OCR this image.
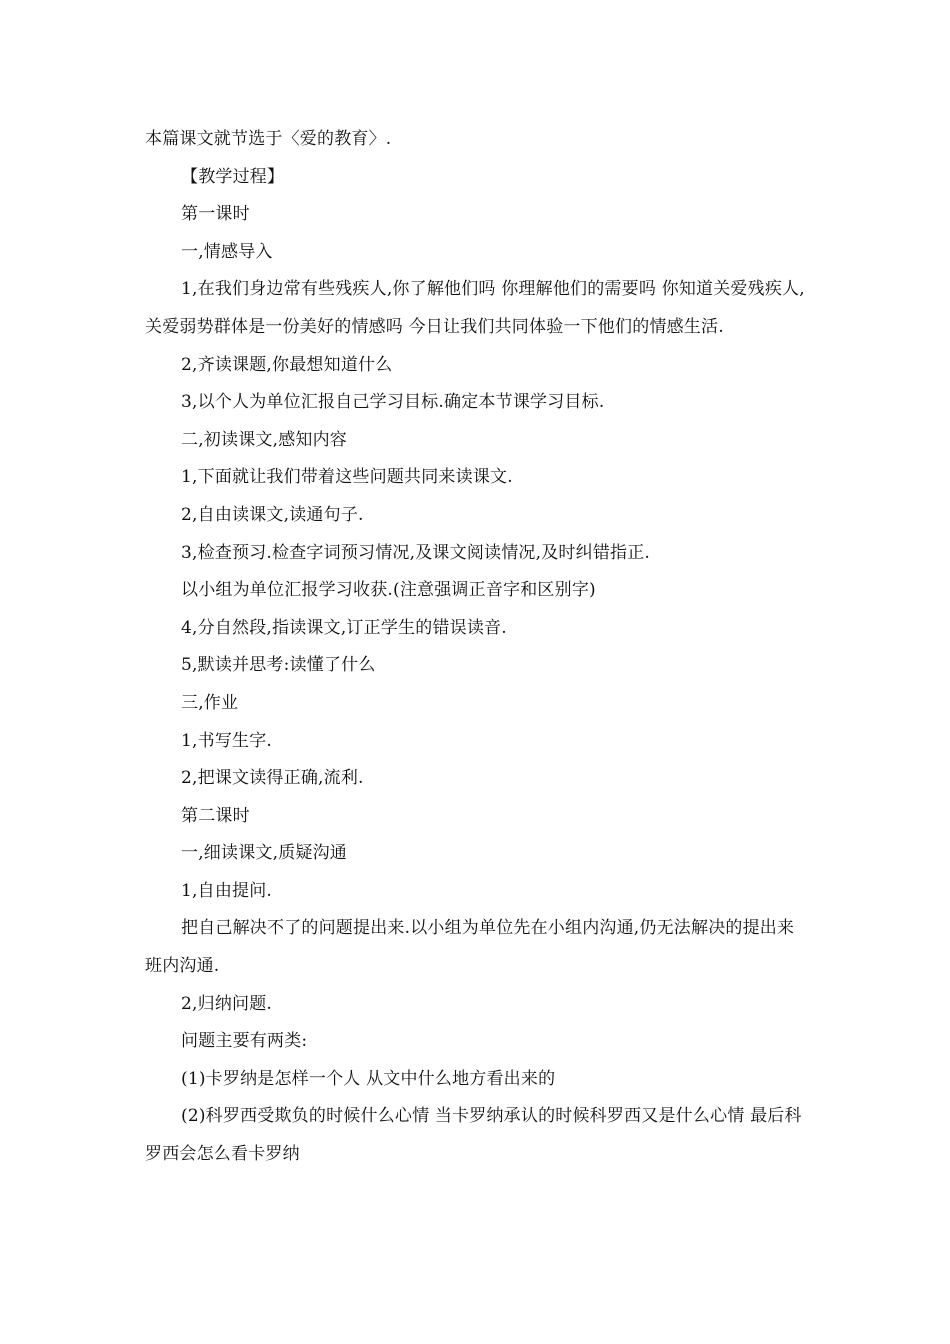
本篇课文就节选于〈爱的教育〉.

【教学过程】

第一课时

一,情感导入

1,在我们身边常有些残疾人,你了解他们吗 你理解他们的需要吗 你知道关爱残疾人,关爱弱势群体是一份美好的情感吗 今日让我们共同体验一下他们的情感生活.

2,齐读课题,你最想知道什么

3,以个人为单位汇报自己学习目标.确定本节课学习目标.

二,初读课文,感知内容

1,下面就让我们带着这些问题共同来读课文.

2,自由读课文,读通句子.

3,检查预习.检查字词预习情况,及课文阅读情况,及时纠错指正.

以小组为单位汇报学习收获.(注意强调正音字和区别字)

4,分自然段,指读课文,订正学生的错误读音.

5,默读并思考:读懂了什么

三,作业

1,书写生字.

2,把课文读得正确,流利.

第二课时

一,细读课文,质疑沟通

1,自由提问.

把自己解决不了的问题提出来.以小组为单位先在小组内沟通,仍无法解决的提出来班内沟通.

2,归纳问题.

问题主要有两类:

(1)卡罗纳是怎样一个人 从文中什么地方看出来的

(2)科罗西受欺负的时候什么心情 当卡罗纳承认的时候科罗西又是什么心情 最后科罗西会怎么看卡罗纳
